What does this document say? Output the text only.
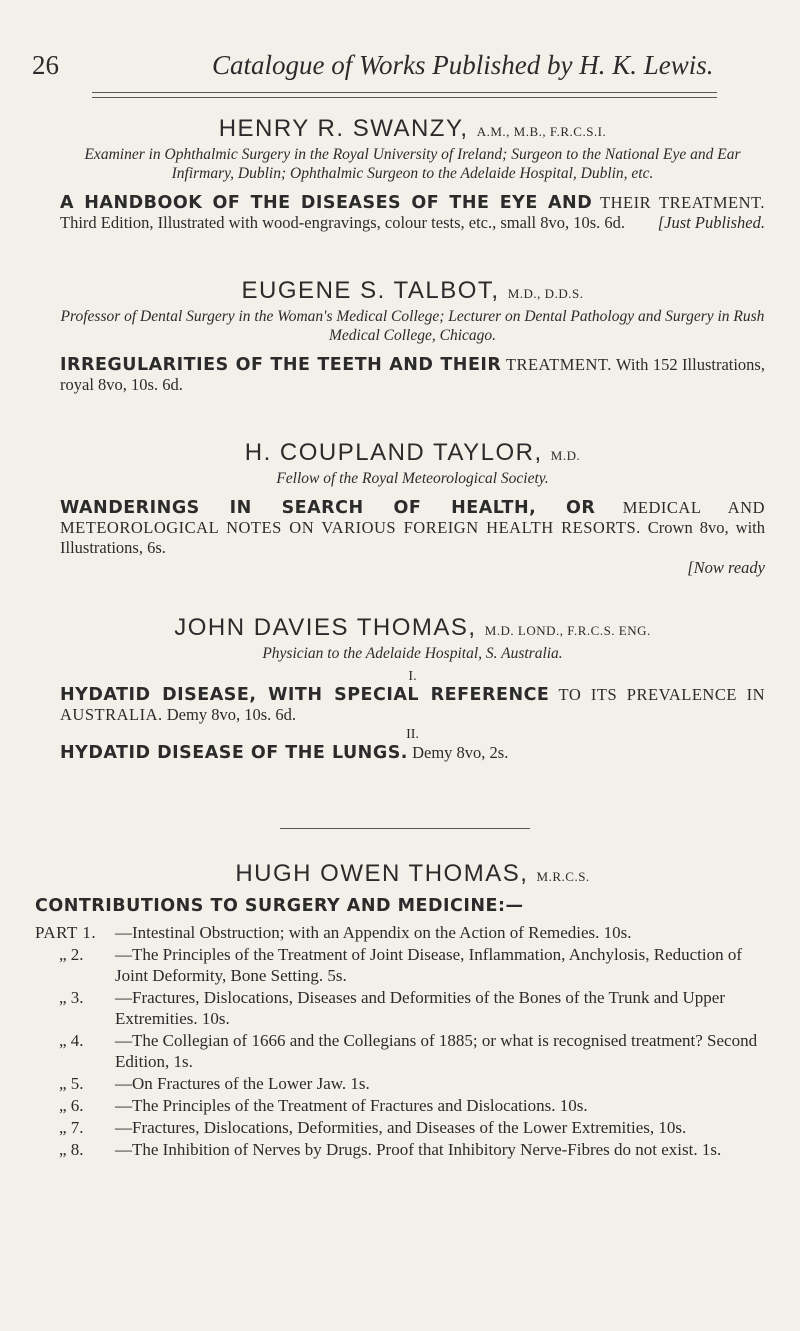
26	Catalogue of Works Published by H. K. Lewis.

HENRY R. SWANZY, A.M., M.B., F.R.C.S.I.

Examiner in Ophthalmic Surgery in the Royal University of Ireland; Surgeon to the National Eye and Ear Infirmary, Dublin; Ophthalmic Surgeon to the Adelaide Hospital, Dublin, etc.

A HANDBOOK OF THE DISEASES OF THE EYE AND THEIR TREATMENT. Third Edition, Illustrated with wood-engravings, colour tests, etc., small 8vo, 10s. 6d. [Just Published.

EUGENE S. TALBOT, M.D., D.D.S.

Professor of Dental Surgery in the Woman's Medical College; Lecturer on Dental Pathology and Surgery in Rush Medical College, Chicago.

IRREGULARITIES OF THE TEETH AND THEIR TREATMENT. With 152 Illustrations, royal 8vo, 10s. 6d.

H. COUPLAND TAYLOR, M.D.

Fellow of the Royal Meteorological Society.

WANDERINGS IN SEARCH OF HEALTH, OR MEDICAL AND METEOROLOGICAL NOTES ON VARIOUS FOREIGN HEALTH RESORTS. Crown 8vo, with Illustrations, 6s.

[Now ready

JOHN DAVIES THOMAS, M.D. LOND., F.R.C.S. ENG.

Physician to the Adelaide Hospital, S. Australia.

I.

HYDATID DISEASE, WITH SPECIAL REFERENCE TO ITS PREVALENCE IN AUSTRALIA. Demy 8vo, 10s. 6d.

II.

HYDATID DISEASE OF THE LUNGS. Demy 8vo, 2s.

HUGH OWEN THOMAS, M.R.C.S.

CONTRIBUTIONS TO SURGERY AND MEDICINE:—

PART 1.	—Intestinal Obstruction; with an Appendix on the Action of Remedies. 10s.
„ 2.	—The Principles of the Treatment of Joint Disease, Inflammation, Anchylosis, Reduction of Joint Deformity, Bone Setting. 5s.
„ 3.	—Fractures, Dislocations, Diseases and Deformities of the Bones of the Trunk and Upper Extremities. 10s.
„ 4.	—The Collegian of 1666 and the Collegians of 1885; or what is recognised treatment? Second Edition, 1s.
„ 5.	—On Fractures of the Lower Jaw. 1s.
„ 6.	—The Principles of the Treatment of Fractures and Dislocations. 10s.
„ 7.	—Fractures, Dislocations, Deformities, and Diseases of the Lower Extremities, 10s.
„ 8.	—The Inhibition of Nerves by Drugs. Proof that Inhibitory Nerve-Fibres do not exist. 1s.
